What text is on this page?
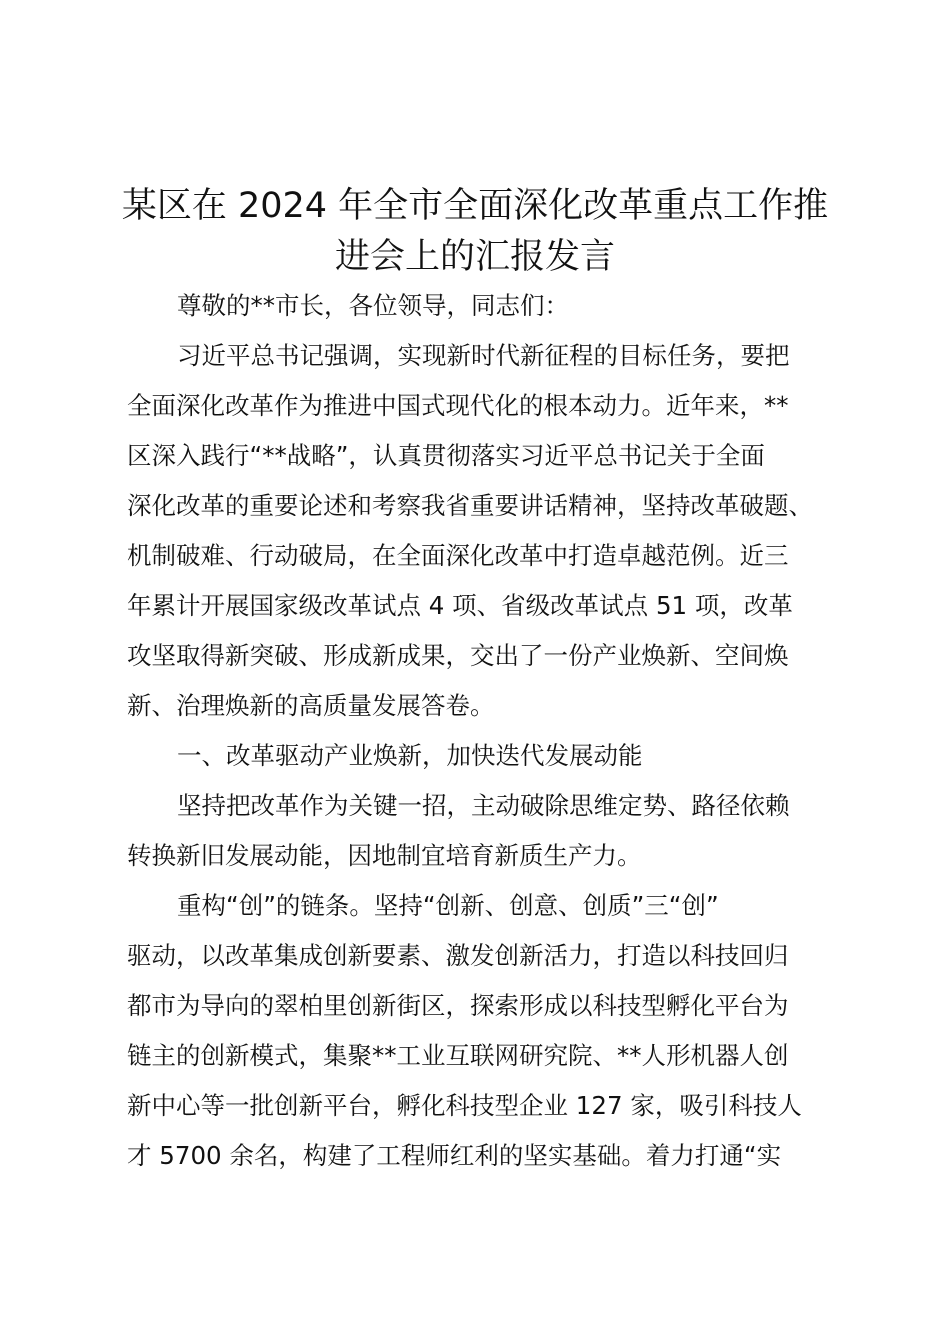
某区在 2024 年全市全面深化改革重点工作推
进会上的汇报发言
尊敬的**市长，各位领导，同志们：
习近平总书记强调，实现新时代新征程的目标任务，要把
全面深化改革作为推进中国式现代化的根本动力。近年来，**
区深入践行“**战略”，认真贯彻落实习近平总书记关于全面
深化改革的重要论述和考察我省重要讲话精神，坚持改革破题、
机制破难、行动破局，在全面深化改革中打造卓越范例。近三
年累计开展国家级改革试点 4 项、省级改革试点 51 项，改革
攻坚取得新突破、形成新成果，交出了一份产业焕新、空间焕
新、治理焕新的高质量发展答卷。
一、改革驱动产业焕新，加快迭代发展动能
坚持把改革作为关键一招，主动破除思维定势、路径依赖
转换新旧发展动能，因地制宜培育新质生产力。
重构“创”的链条。坚持“创新、创意、创质”三“创”
驱动，以改革集成创新要素、激发创新活力，打造以科技回归
都市为导向的翠柏里创新街区，探索形成以科技型孵化平台为
链主的创新模式，集聚**工业互联网研究院、**人形机器人创
新中心等一批创新平台，孵化科技型企业 127 家，吸引科技人
才 5700 余名，构建了工程师红利的坚实基础。着力打通“实
